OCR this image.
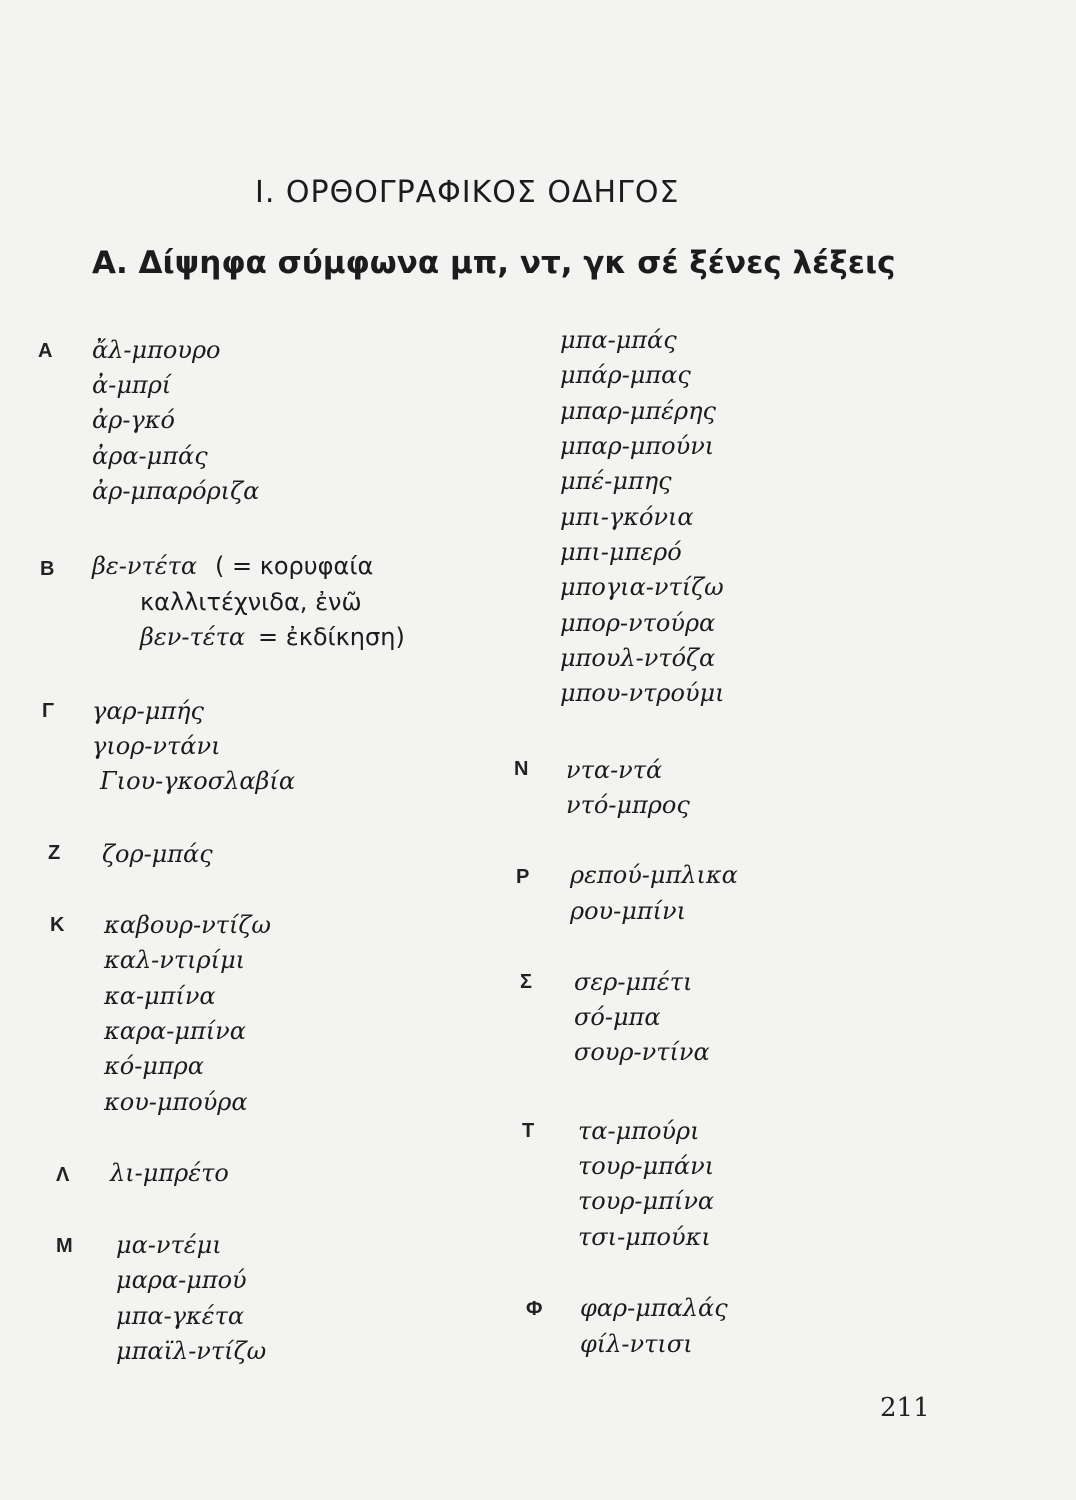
Ι. ΟΡΘΟΓΡΑΦΙΚΟΣ ΟΔΗΓΟΣ
Α. Δίψηφα σύμφωνα μπ, ντ, γκ σέ ξένες λέξεις
Α ἄλ-μπουρο
ἀ-μπρί
ἀρ-γκό
ἀρα-μπάς
ἀρ-μπαρόριζα
Β βε-ντέτα ( = κορυφαία
καλλιτέχνιδα, ἐνῶ
βεν-τέτα = ἐκδίκηση)
Γ γαρ-μπής
γιορ-ντάνι
Γιου-γκοσλαβία
Ζ ζορ-μπάς
Κ καβουρ-ντίζω
καλ-ντιρίμι
κα-μπίνα
καρα-μπίνα
κό-μπρα
κου-μπούρα
Λ λι-μπρέτο
Μ μα-ντέμι
μαρα-μπού
μπα-γκέτα
μπαϊλ-ντίζω
μπα-μπάς
μπάρ-μπας
μπαρ-μπέρης
μπαρ-μπούνι
μπέ-μπης
μπι-γκόνια
μπι-μπερό
μπογια-ντίζω
μπορ-ντούρα
μπουλ-ντόζα
μπου-ντρούμι
Ν ντα-ντά
ντό-μπρος
Ρ ρεπού-μπλικα
ρου-μπίνι
Σ σερ-μπέτι
σό-μπα
σουρ-ντίνα
Τ τα-μπούρι
τουρ-μπάνι
τουρ-μπίνα
τσι-μπούκι
Φ φαρ-μπαλάς
φίλ-ντισι
211
